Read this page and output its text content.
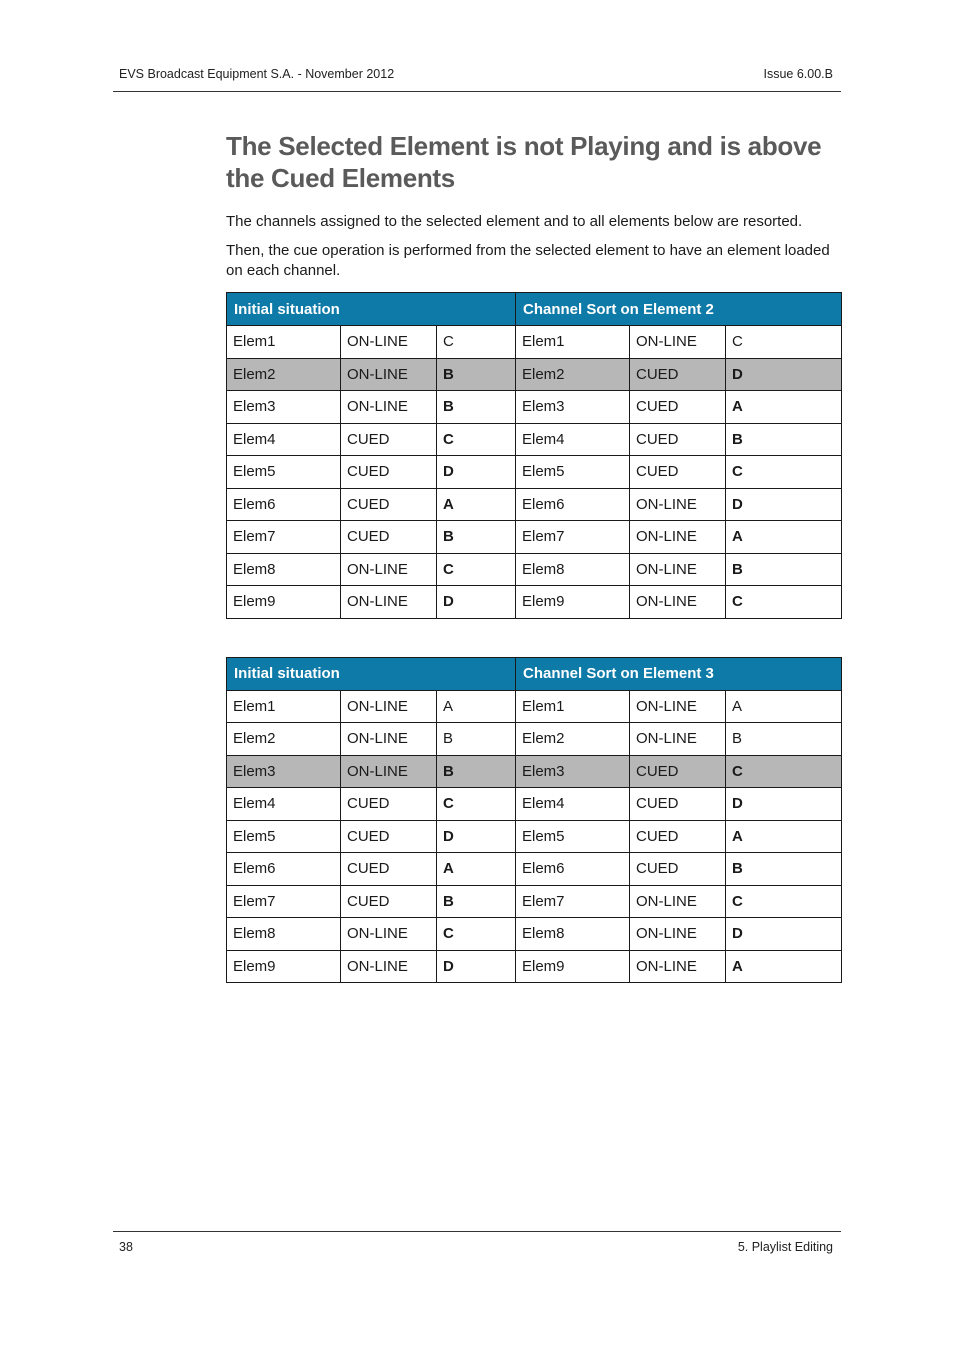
EVS Broadcast Equipment S.A. - November 2012	Issue 6.00.B
The Selected Element is not Playing and is above the Cued Elements

The channels assigned to the selected element and to all elements below are resorted.

Then, the cue operation is performed from the selected element to have an element loaded on each channel.

Initial situation			Channel Sort on Element 2		
Elem1	ON-LINE	C	Elem1	ON-LINE	C
Elem2	ON-LINE	B	Elem2	CUED	D
Elem3	ON-LINE	B	Elem3	CUED	A
Elem4	CUED	C	Elem4	CUED	B
Elem5	CUED	D	Elem5	CUED	C
Elem6	CUED	A	Elem6	ON-LINE	D
Elem7	CUED	B	Elem7	ON-LINE	A
Elem8	ON-LINE	C	Elem8	ON-LINE	B
Elem9	ON-LINE	D	Elem9	ON-LINE	C
Initial situation			Channel Sort on Element 3		
Elem1	ON-LINE	A	Elem1	ON-LINE	A
Elem2	ON-LINE	B	Elem2	ON-LINE	B
Elem3	ON-LINE	B	Elem3	CUED	C
Elem4	CUED	C	Elem4	CUED	D
Elem5	CUED	D	Elem5	CUED	A
Elem6	CUED	A	Elem6	CUED	B
Elem7	CUED	B	Elem7	ON-LINE	C
Elem8	ON-LINE	C	Elem8	ON-LINE	D
Elem9	ON-LINE	D	Elem9	ON-LINE	A
38	5. Playlist Editing
